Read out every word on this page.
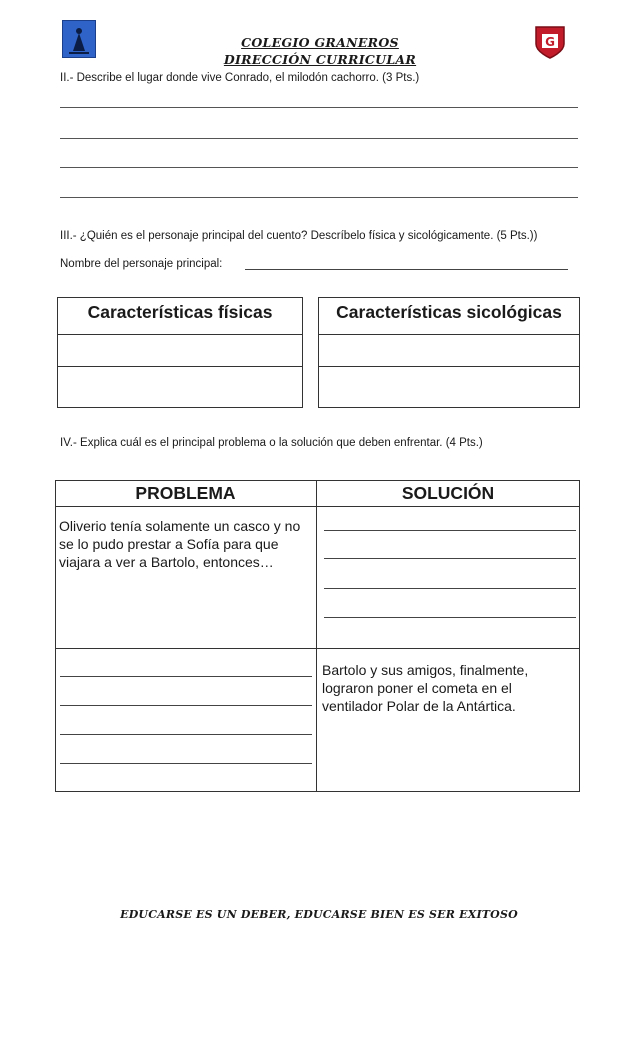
G
COLEGIO GRANEROS
DIRECCIÓN CURRICULAR
II.- Describe el lugar donde vive Conrado, el milodón cachorro. (3 Pts.)
III.- ¿Quién es el personaje principal del cuento? Descríbelo física y sicológicamente. (5 Pts.))
Nombre del personaje principal:
Características físicas	Características sicológicas
IV.- Explica cuál es el principal problema o la solución que deben enfrentar. (4 Pts.)
PROBLEMA	SOLUCIÓN
Oliverio tenía solamente un casco y no se lo pudo prestar a Sofía para que viajara a ver a Bartolo, entonces…
Bartolo y sus amigos, finalmente, lograron poner el cometa en el ventilador Polar de la Antártica.
EDUCARSE ES UN DEBER, EDUCARSE BIEN ES SER EXITOSO
